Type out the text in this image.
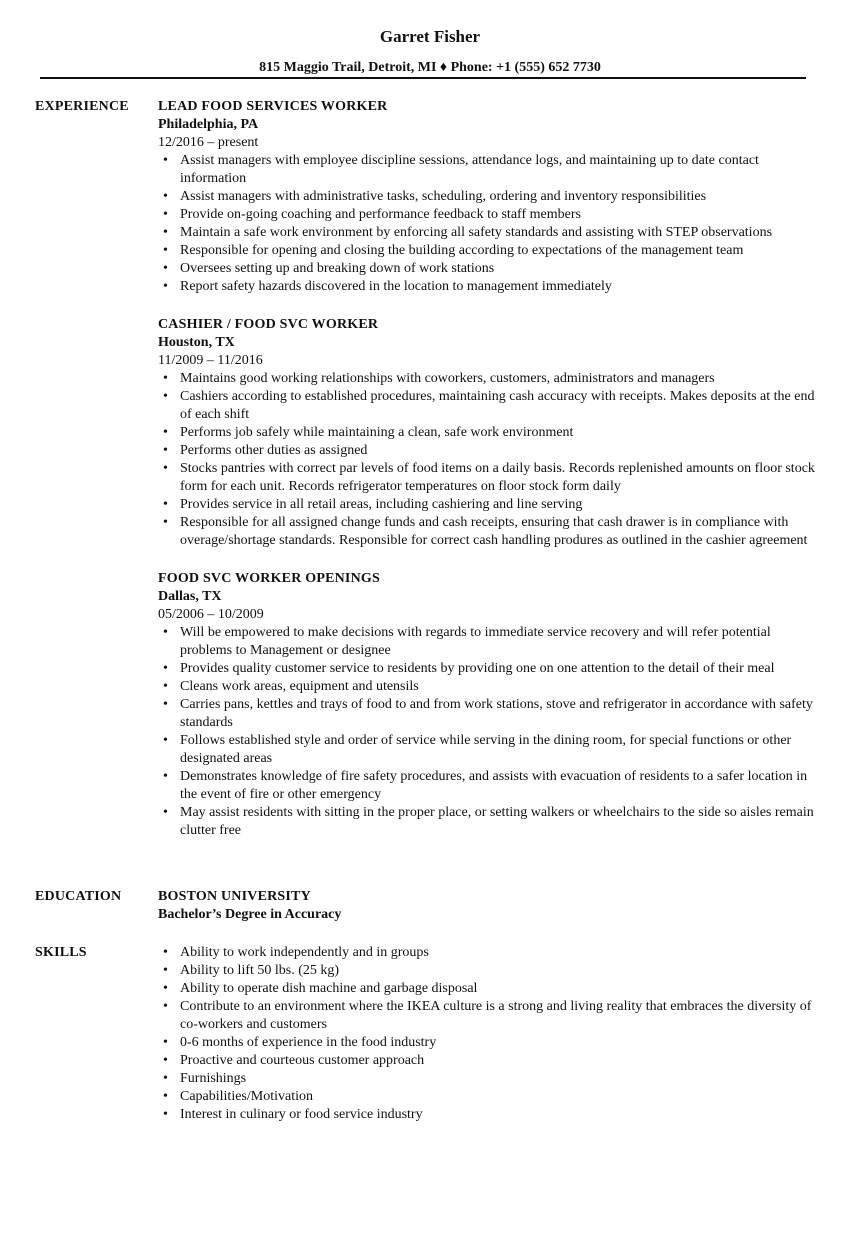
Garret Fisher
815 Maggio Trail, Detroit, MI ♦ Phone: +1 (555) 652 7730
EXPERIENCE LEAD FOOD SERVICES WORKER
Philadelphia, PA
12/2016 – present
• Assist managers with employee discipline sessions, attendance logs, and maintaining up to date contact information
• Assist managers with administrative tasks, scheduling, ordering and inventory responsibilities
• Provide on-going coaching and performance feedback to staff members
• Maintain a safe work environment by enforcing all safety standards and assisting with STEP observations
• Responsible for opening and closing the building according to expectations of the management team
• Oversees setting up and breaking down of work stations
• Report safety hazards discovered in the location to management immediately
CASHIER / FOOD SVC WORKER
Houston, TX
11/2009 – 11/2016
• Maintains good working relationships with coworkers, customers, administrators and managers
• Cashiers according to established procedures, maintaining cash accuracy with receipts. Makes deposits at the end of each shift
• Performs job safely while maintaining a clean, safe work environment
• Performs other duties as assigned
• Stocks pantries with correct par levels of food items on a daily basis. Records replenished amounts on floor stock form for each unit. Records refrigerator temperatures on floor stock form daily
• Provides service in all retail areas, including cashiering and line serving
• Responsible for all assigned change funds and cash receipts, ensuring that cash drawer is in compliance with overage/shortage standards. Responsible for correct cash handling produres as outlined in the cashier agreement
FOOD SVC WORKER OPENINGS
Dallas, TX
05/2006 – 10/2009
• Will be empowered to make decisions with regards to immediate service recovery and will refer potential problems to Management or designee
• Provides quality customer service to residents by providing one on one attention to the detail of their meal
• Cleans work areas, equipment and utensils
• Carries pans, kettles and trays of food to and from work stations, stove and refrigerator in accordance with safety standards
• Follows established style and order of service while serving in the dining room, for special functions or other designated areas
• Demonstrates knowledge of fire safety procedures, and assists with evacuation of residents to a safer location in the event of fire or other emergency
• May assist residents with sitting in the proper place, or setting walkers or wheelchairs to the side so aisles remain clutter free
EDUCATION	BOSTON UNIVERSITY
Bachelor’s Degree in Accuracy
SKILLS
•	Ability to work independently and in groups
• Ability to lift 50 lbs. (25 kg)
• Ability to operate dish machine and garbage disposal
• Contribute to an environment where the IKEA culture is a strong and living reality that embraces the diversity of co-workers and customers
• 0-6 months of experience in the food industry
• Proactive and courteous customer approach
• Furnishings
• Capabilities/Motivation
• Interest in culinary or food service industry
